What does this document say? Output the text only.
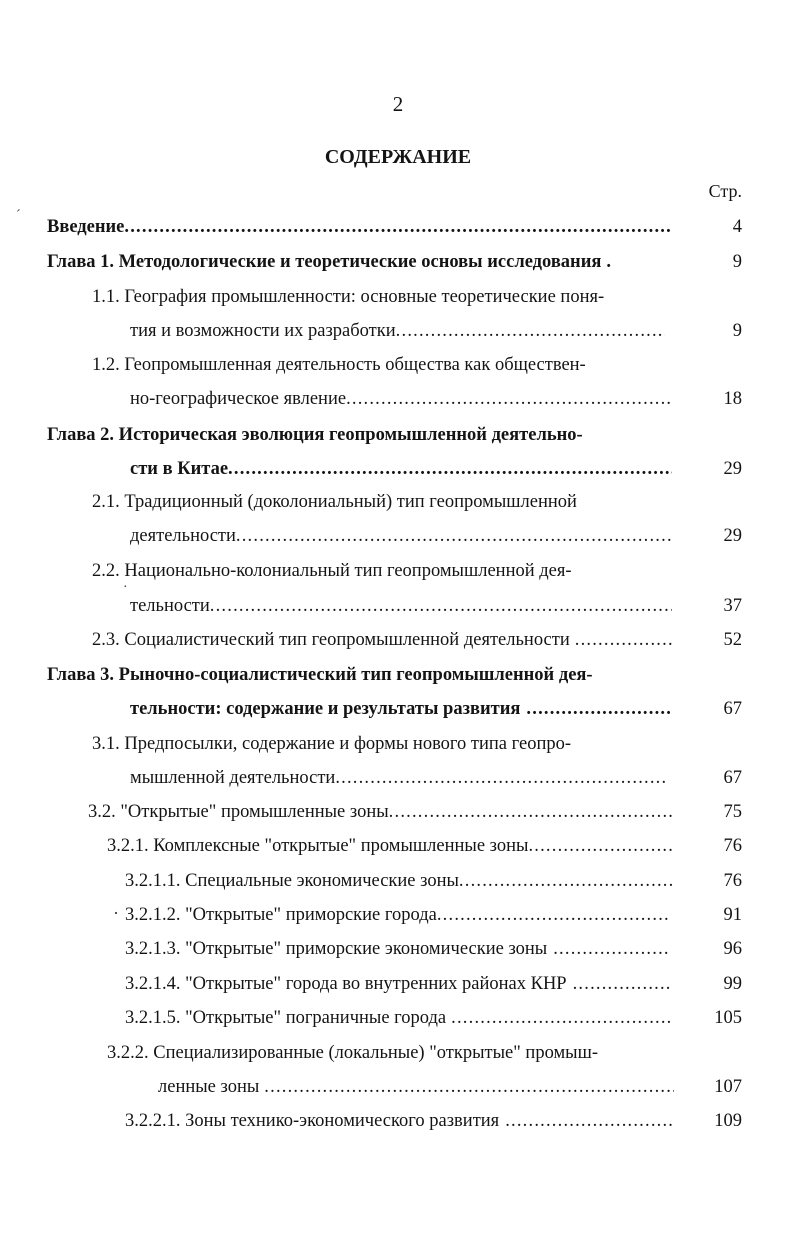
2
СОДЕРЖАНИЕ
Стр.
ˊ
Введение .....	4
Глава 1. Методологические и теоретические основы исследования .	9
1.1. География промышленности: основные теоретические поня-
тия и возможности их разработки .....	9
1.2. Геопромышленная деятельность общества как обществен-
но-географическое явление .....	18
Глава 2. Историческая эволюция геопромышленной деятельно-
сти в Китае .....	29
2.1. Традиционный (доколониальный) тип геопромышленной
деятельности .....	29
2.2. Национально-колониальный тип геопромышленной дея-
·
тельности .....	37
2.3. Социалистический тип геопромышленной деятельности .....	52
Глава 3. Рыночно-социалистический тип геопромышленной дея-
тельности: содержание и результаты развития .....	67
3.1. Предпосылки, содержание и формы нового типа геопро-
мышленной деятельности .....	67
3.2. "Открытые" промышленные зоны .....	75
3.2.1. Комплексные "открытые" промышленные зоны .....	76
3.2.1.1. Специальные экономические зоны .....	76
· 3.2.1.2. "Открытые" приморские города .....	91
3.2.1.3. "Открытые" приморские экономические зоны .....	96
3.2.1.4. "Открытые" города во внутренних районах КНР .....	99
3.2.1.5. "Открытые" пограничные города .....	105
3.2.2. Специализированные (локальные) "открытые" промыш-
ленные зоны .....	107
3.2.2.1. Зоны технико-экономического развития .....	109
